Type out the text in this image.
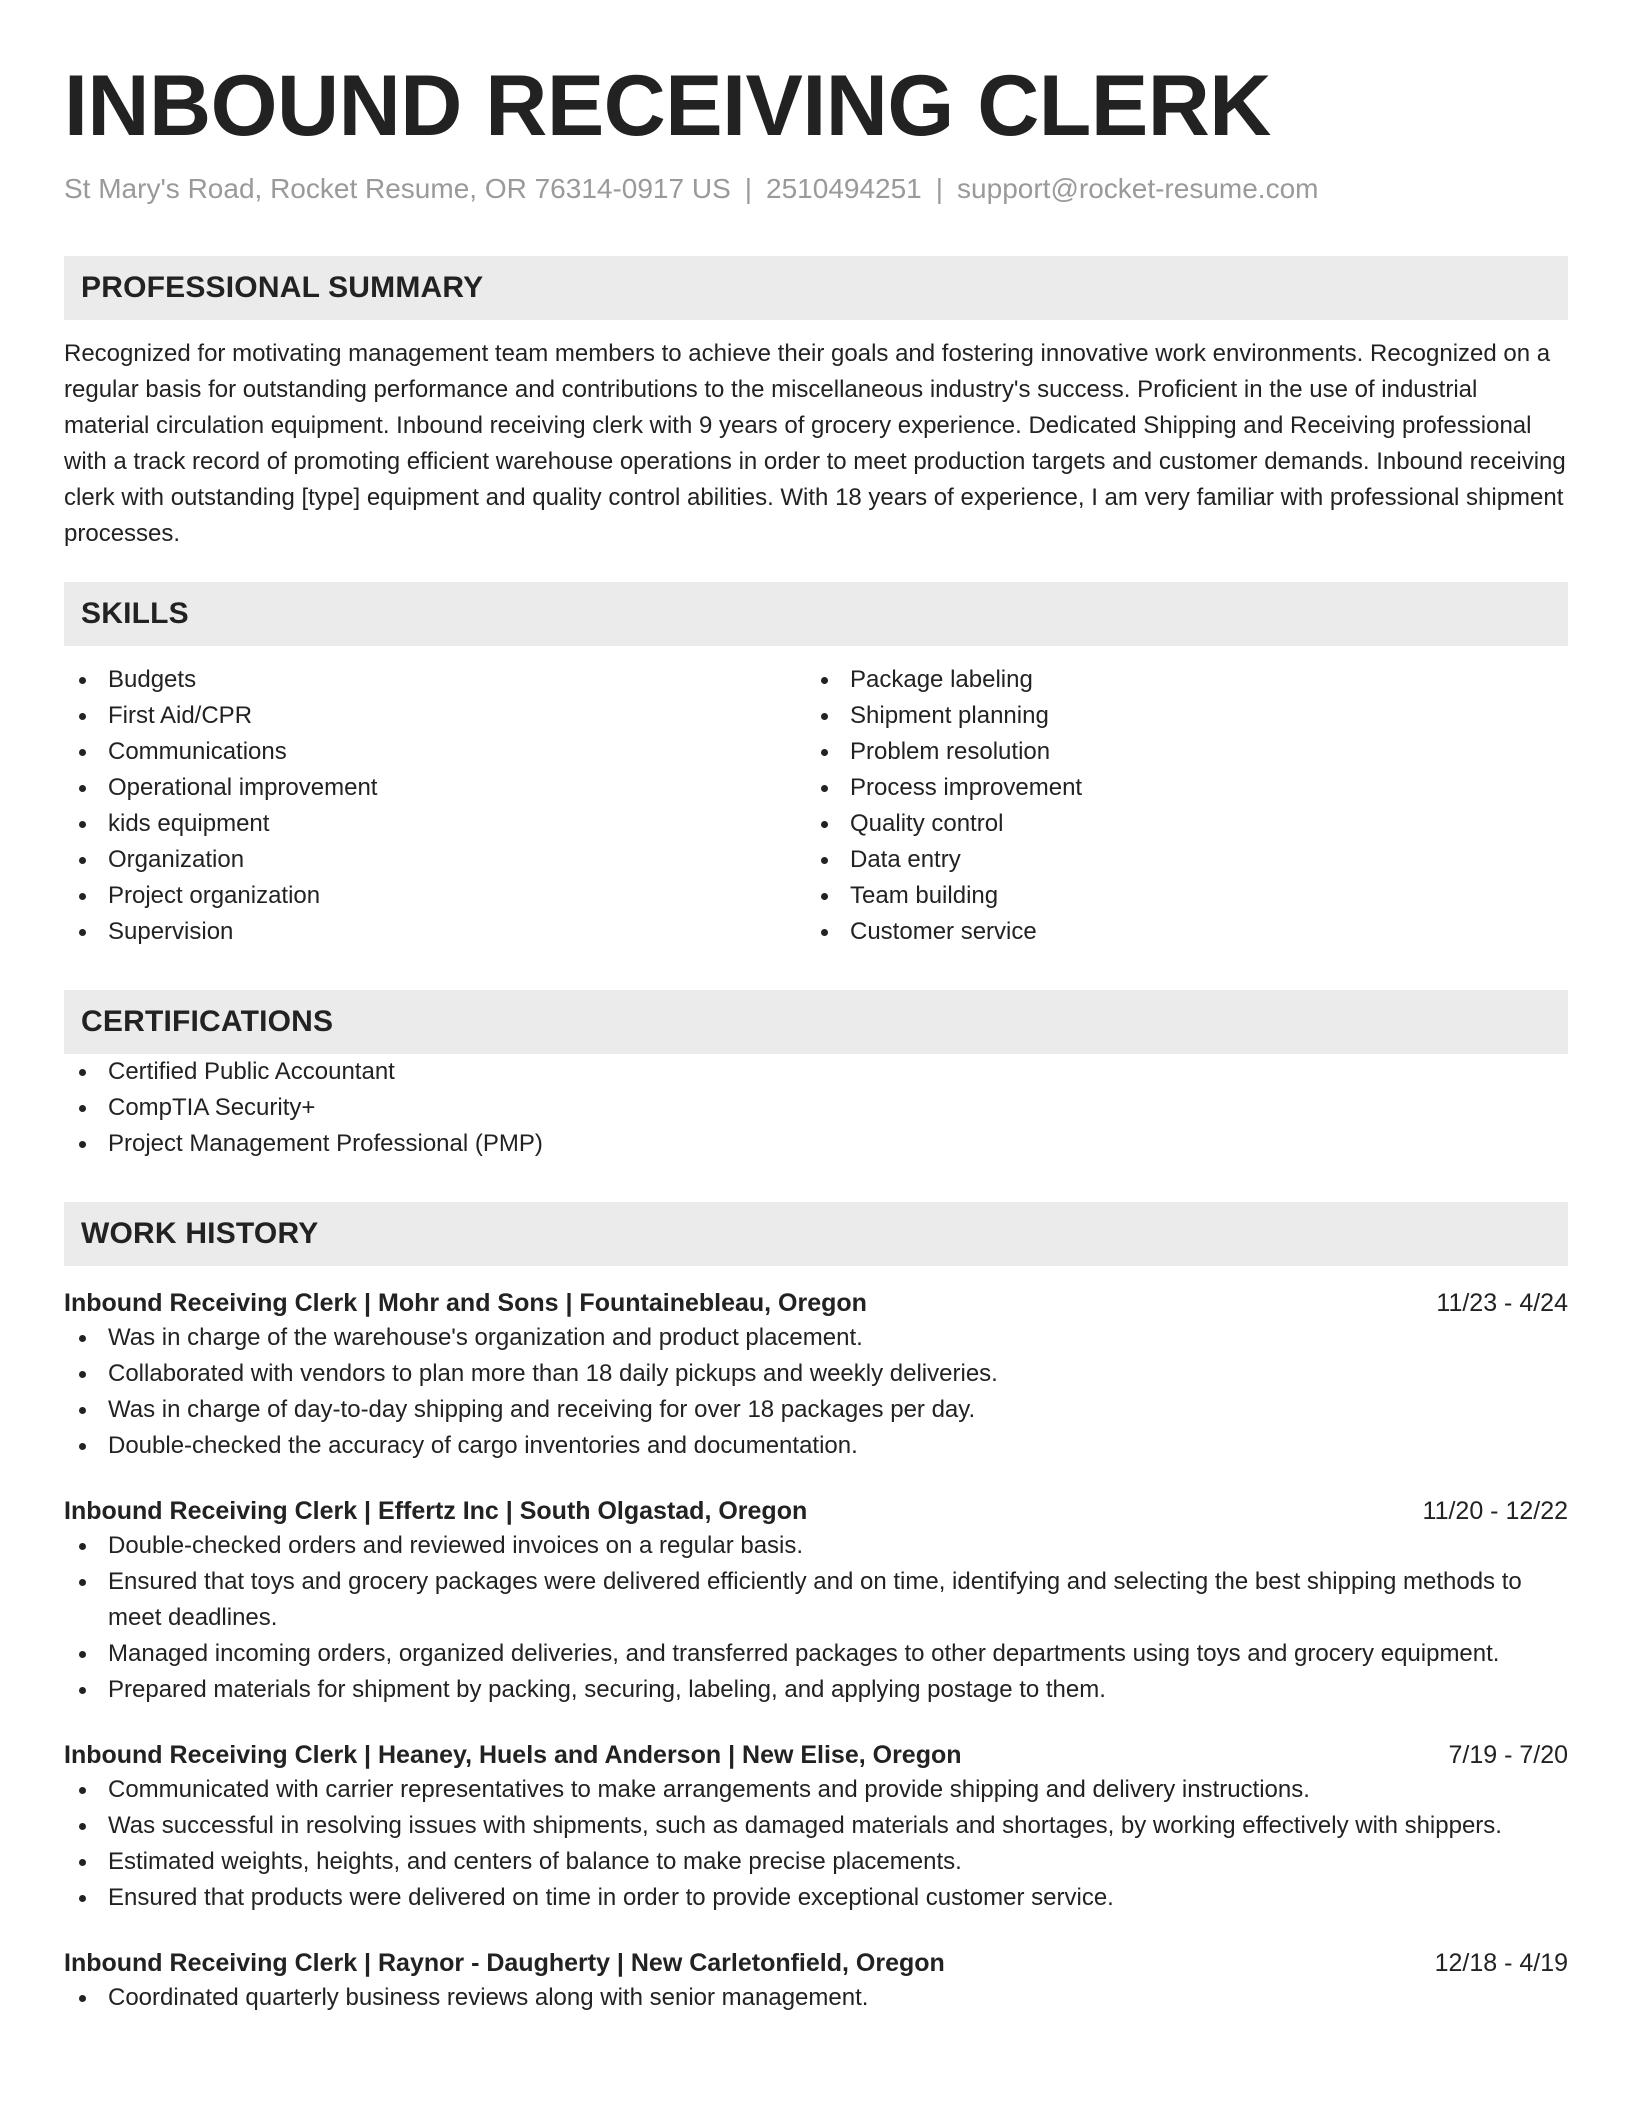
INBOUND RECEIVING CLERK
St Mary's Road, Rocket Resume, OR 76314-0917 US | 2510494251 | support@rocket-resume.com
PROFESSIONAL SUMMARY

Recognized for motivating management team members to achieve their goals and fostering innovative work environments. Recognized on a regular basis for outstanding performance and contributions to the miscellaneous industry's success. Proficient in the use of industrial material circulation equipment. Inbound receiving clerk with 9 years of grocery experience. Dedicated Shipping and Receiving professional with a track record of promoting efficient warehouse operations in order to meet production targets and customer demands. Inbound receiving clerk with outstanding [type] equipment and quality control abilities. With 18 years of experience, I am very familiar with professional shipment processes.

SKILLS
Budgets
First Aid/CPR
Communications
Operational improvement
kids equipment
Organization
Project organization
Supervision
Package labeling
Shipment planning
Problem resolution
Process improvement
Quality control
Data entry
Team building
Customer service
CERTIFICATIONS
Certified Public Accountant
CompTIA Security+
Project Management Professional (PMP)
WORK HISTORY
Inbound Receiving Clerk | Mohr and Sons | Fountainebleau, Oregon	11/23 - 4/24
Was in charge of the warehouse's organization and product placement.
Collaborated with vendors to plan more than 18 daily pickups and weekly deliveries.
Was in charge of day-to-day shipping and receiving for over 18 packages per day.
Double-checked the accuracy of cargo inventories and documentation.
Inbound Receiving Clerk | Effertz Inc | South Olgastad, Oregon	11/20 - 12/22
Double-checked orders and reviewed invoices on a regular basis.
Ensured that toys and grocery packages were delivered efficiently and on time, identifying and selecting the best shipping methods to meet deadlines.
Managed incoming orders, organized deliveries, and transferred packages to other departments using toys and grocery equipment.
Prepared materials for shipment by packing, securing, labeling, and applying postage to them.
Inbound Receiving Clerk | Heaney, Huels and Anderson | New Elise, Oregon	7/19 - 7/20
Communicated with carrier representatives to make arrangements and provide shipping and delivery instructions.
Was successful in resolving issues with shipments, such as damaged materials and shortages, by working effectively with shippers.
Estimated weights, heights, and centers of balance to make precise placements.
Ensured that products were delivered on time in order to provide exceptional customer service.
Inbound Receiving Clerk | Raynor - Daugherty | New Carletonfield, Oregon	12/18 - 4/19
Coordinated quarterly business reviews along with senior management.
